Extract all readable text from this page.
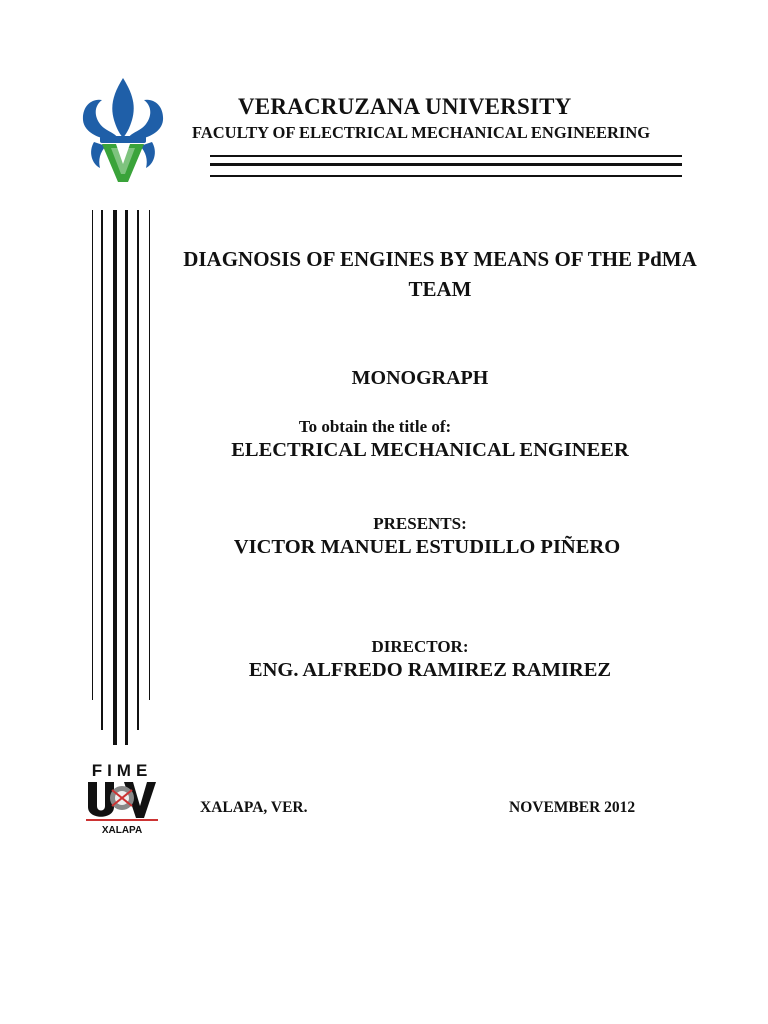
VERACRUZANA UNIVERSITY
FACULTY OF ELECTRICAL MECHANICAL ENGINEERING
DIAGNOSIS OF ENGINES BY MEANS OF THE PdMA TEAM
MONOGRAPH
To obtain the title of:
ELECTRICAL MECHANICAL ENGINEER
PRESENTS:
VICTOR MANUEL ESTUDILLO PIÑERO
DIRECTOR:
ENG. ALFREDO RAMIREZ RAMIREZ
FIME
UV
XALAPA
XALAPA, VER.	NOVEMBER 2012
